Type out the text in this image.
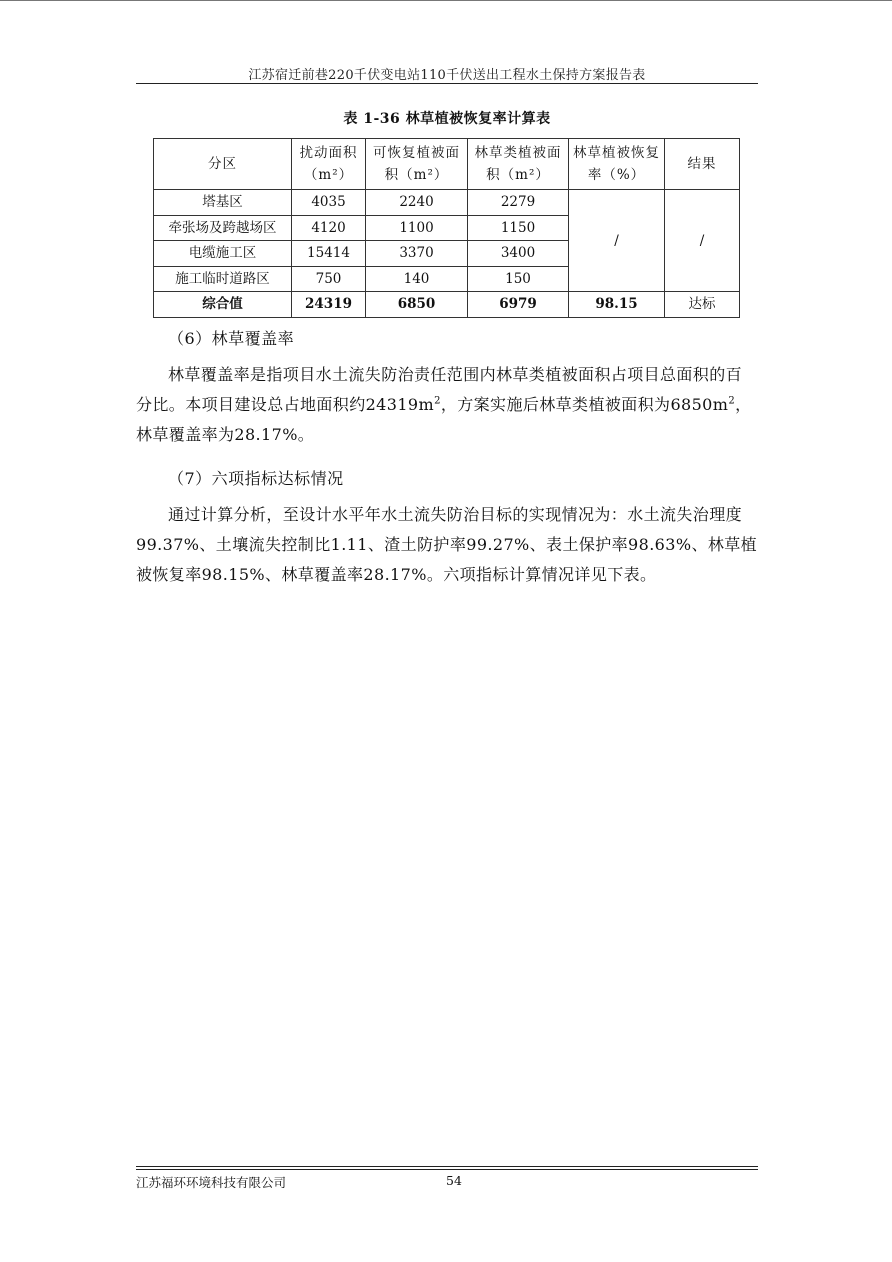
江苏宿迁前巷220千伏变电站110千伏送出工程水土保持方案报告表
表 1-36 林草植被恢复率计算表
分区	扰动面积（m²）	可恢复植被面积（m²）	林草类植被面积（m²）	林草植被恢复率（%）	结果
塔基区	4035	2240	2279	/	/
牵张场及跨越场区	4120	1100	1150		
电缆施工区	15414	3370	3400		
施工临时道路区	750	140	150		
综合值	24319	6850	6979	98.15	达标
（6）林草覆盖率

林草覆盖率是指项目水土流失防治责任范围内林草类植被面积占项目总面积的百分比。本项目建设总占地面积约$24319m^2$，方案实施后林草类植被面积为$6850m^2$，林草覆盖率为28.17%。

（7）六项指标达标情况

通过计算分析，至设计水平年水土流失防治目标的实现情况为：水土流失治理度99.37%、土壤流失控制比1.11、渣土防护率99.27%、表土保护率98.63%、林草植被恢复率98.15%、林草覆盖率28.17%。六项指标计算情况详见下表。

江苏福环环境科技有限公司	54
